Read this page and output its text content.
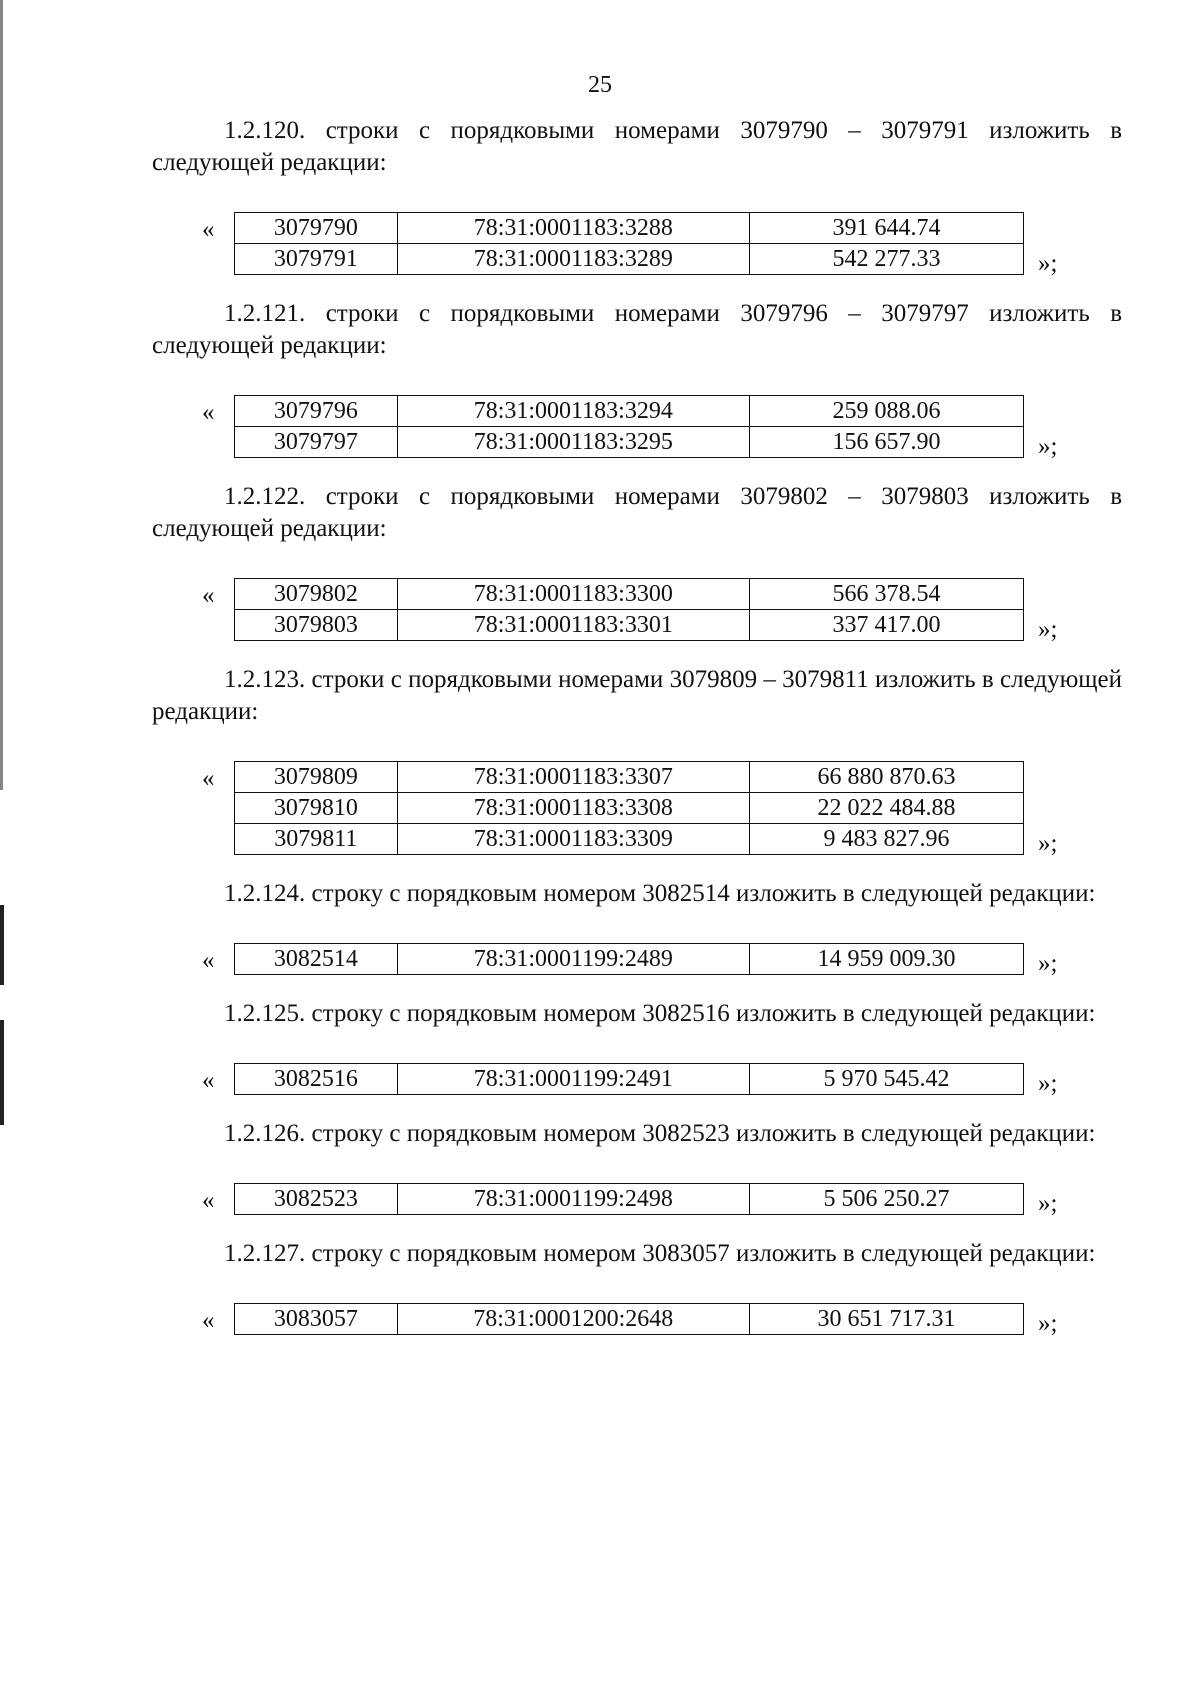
25

1.2.120. строки с порядковыми номерами 3079790 – 3079791 изложить в следующей редакции:

« 3079790	78:31:0001183:3288	391 644.74
3079791	78:31:0001183:3289	542 277.33	»;

1.2.121. строки с порядковыми номерами 3079796 – 3079797 изложить в следующей редакции:

« 3079796	78:31:0001183:3294	259 088.06
3079797	78:31:0001183:3295	156 657.90	»;

1.2.122. строки с порядковыми номерами 3079802 – 3079803 изложить в следующей редакции:

« 3079802	78:31:0001183:3300	566 378.54
3079803	78:31:0001183:3301	337 417.00	»;

1.2.123. строки с порядковыми номерами 3079809 – 3079811 изложить в следующей редакции:

« 3079809	78:31:0001183:3307	66 880 870.63
3079810	78:31:0001183:3308	22 022 484.88
3079811	78:31:0001183:3309	9 483 827.96	»;

1.2.124. строку с порядковым номером 3082514 изложить в следующей редакции:

« 3082514	78:31:0001199:2489	14 959 009.30	»;

1.2.125. строку с порядковым номером 3082516 изложить в следующей редакции:

« 3082516	78:31:0001199:2491	5 970 545.42	»;

1.2.126. строку с порядковым номером 3082523 изложить в следующей редакции:

« 3082523	78:31:0001199:2498	5 506 250.27	»;

1.2.127. строку с порядковым номером 3083057 изложить в следующей редакции:

« 3083057	78:31:0001200:2648	30 651 717.31	»;
